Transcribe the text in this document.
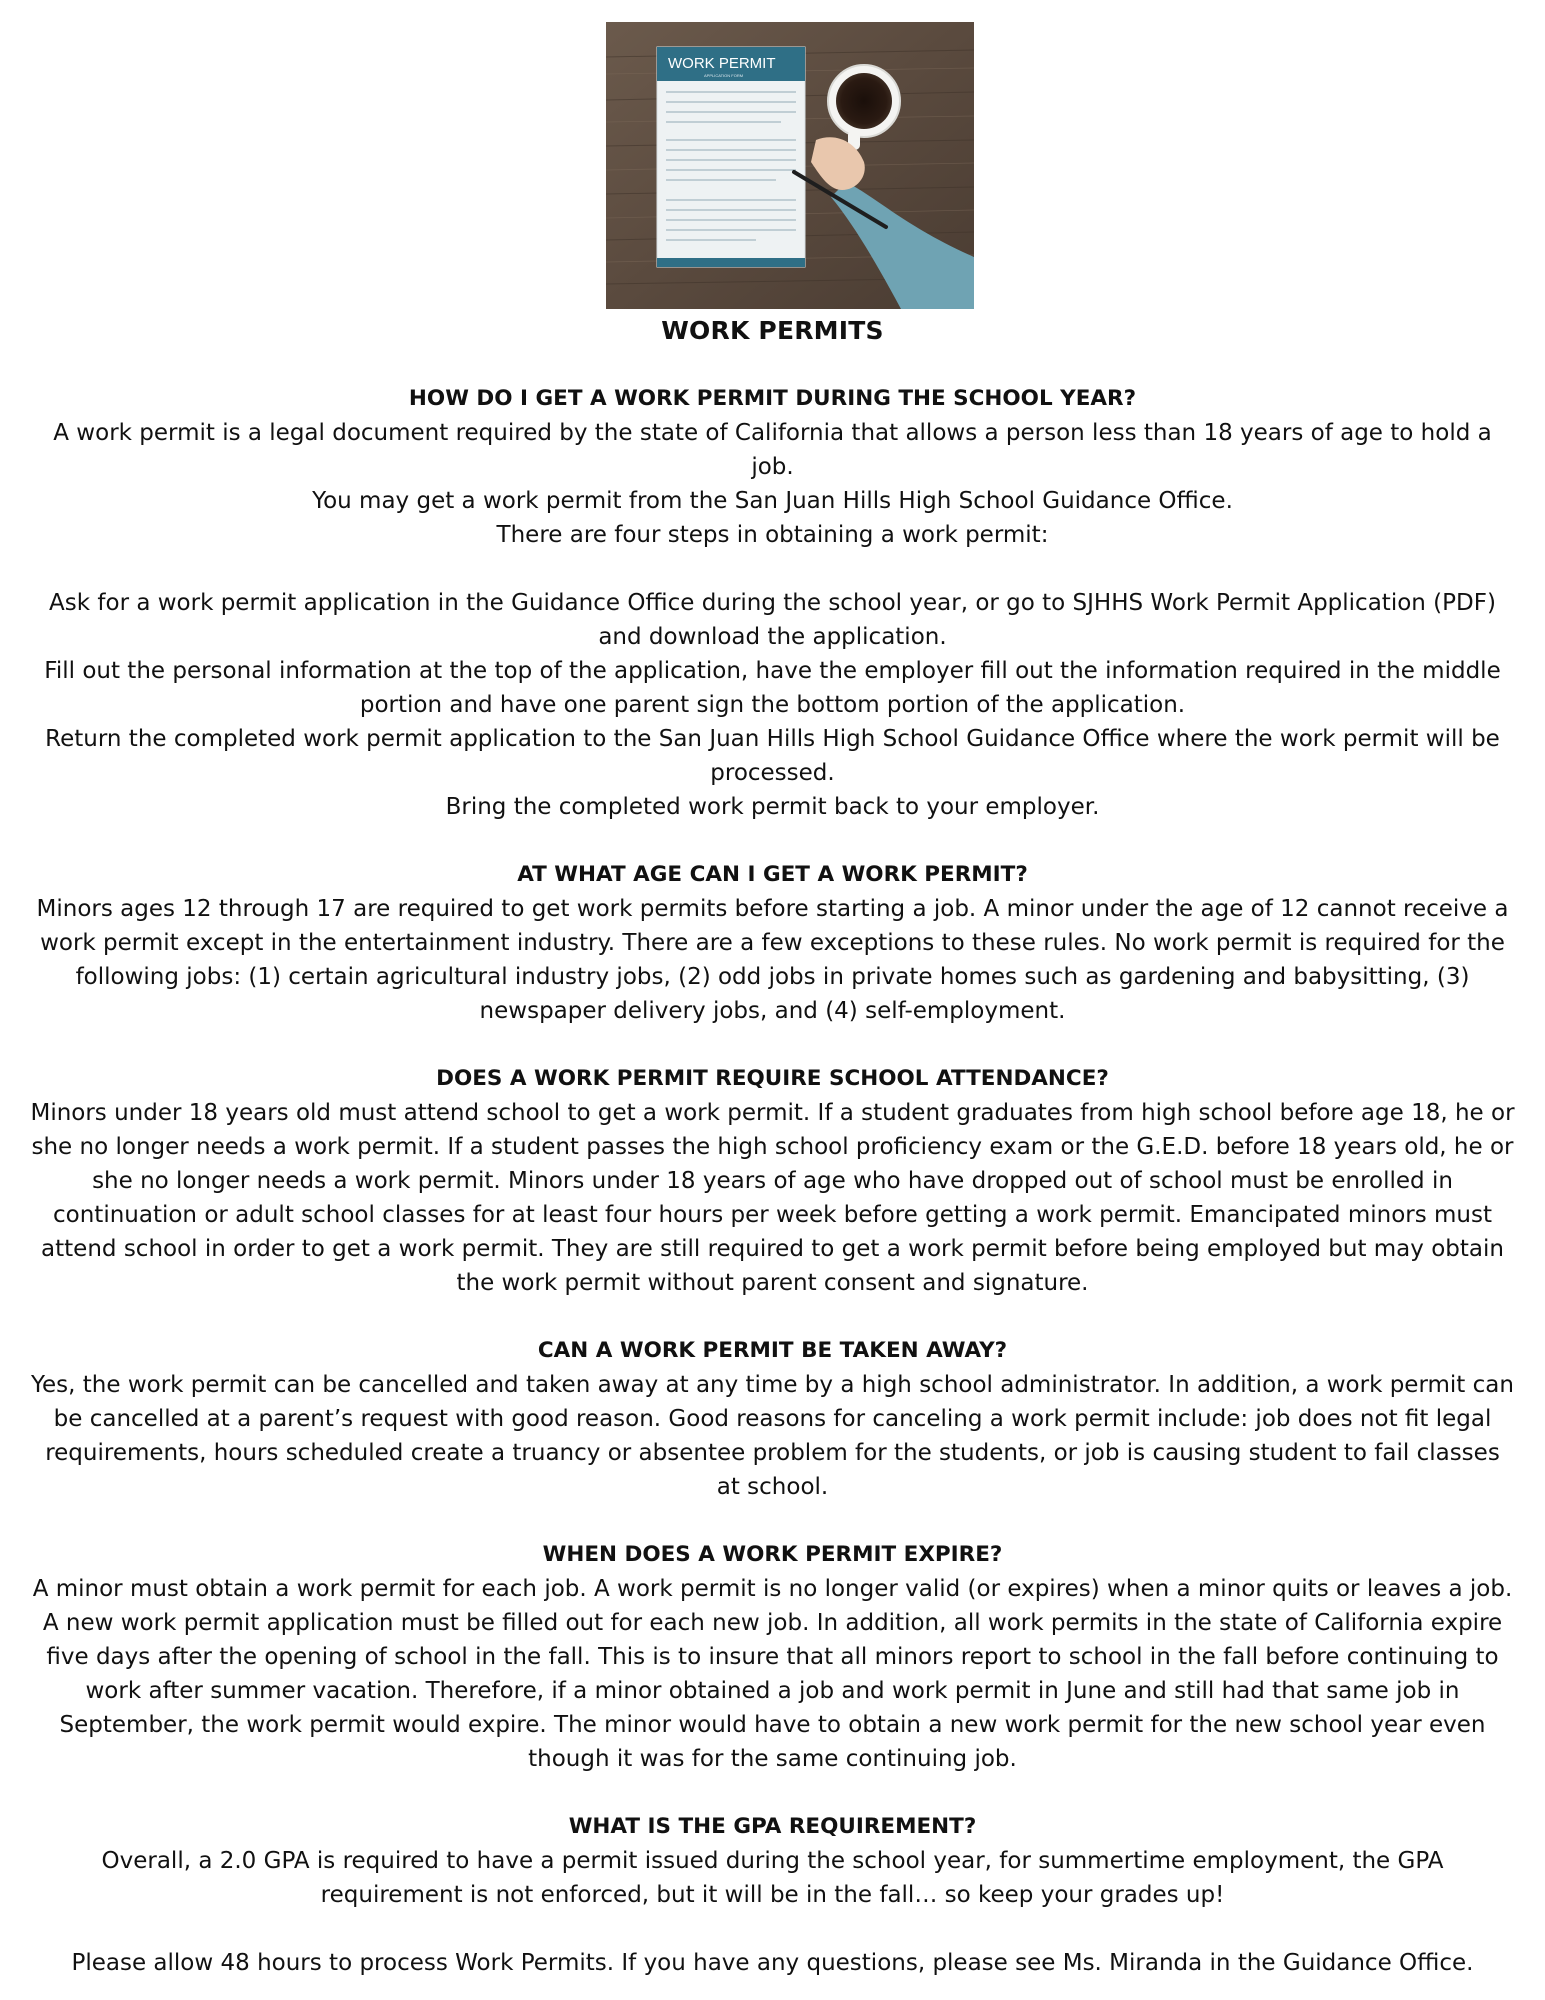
WORK PERMIT
APPLICATION FORM
WORK PERMITS
HOW DO I GET A WORK PERMIT DURING THE SCHOOL YEAR?

A work permit is a legal document required by the state of California that allows a person less than 18 years of age to hold a job.

You may get a work permit from the San Juan Hills High School Guidance Office.

There are four steps in obtaining a work permit:

Ask for a work permit application in the Guidance Office during the school year, or go to SJHHS Work Permit Application (PDF) and download the application.
Fill out the personal information at the top of the application, have the employer fill out the information required in the middle portion and have one parent sign the bottom portion of the application.
Return the completed work permit application to the San Juan Hills High School Guidance Office where the work permit will be processed.
Bring the completed work permit back to your employer.
AT WHAT AGE CAN I GET A WORK PERMIT?

Minors ages 12 through 17 are required to get work permits before starting a job. A minor under the age of 12 cannot receive a work permit except in the entertainment industry. There are a few exceptions to these rules. No work permit is required for the following jobs: (1) certain agricultural industry jobs, (2) odd jobs in private homes such as gardening and babysitting, (3) newspaper delivery jobs, and (4) self-employment.

DOES A WORK PERMIT REQUIRE SCHOOL ATTENDANCE?

Minors under 18 years old must attend school to get a work permit. If a student graduates from high school before age 18, he or she no longer needs a work permit. If a student passes the high school proficiency exam or the G.E.D. before 18 years old, he or she no longer needs a work permit. Minors under 18 years of age who have dropped out of school must be enrolled in continuation or adult school classes for at least four hours per week before getting a work permit. Emancipated minors must attend school in order to get a work permit. They are still required to get a work permit before being employed but may obtain the work permit without parent consent and signature.

CAN A WORK PERMIT BE TAKEN AWAY?

Yes, the work permit can be cancelled and taken away at any time by a high school administrator. In addition, a work permit can be cancelled at a parent’s request with good reason. Good reasons for canceling a work permit include: job does not fit legal requirements, hours scheduled create a truancy or absentee problem for the students, or job is causing student to fail classes at school.

WHEN DOES A WORK PERMIT EXPIRE?

A minor must obtain a work permit for each job. A work permit is no longer valid (or expires) when a minor quits or leaves a job. A new work permit application must be filled out for each new job. In addition, all work permits in the state of California expire five days after the opening of school in the fall. This is to insure that all minors report to school in the fall before continuing to work after summer vacation. Therefore, if a minor obtained a job and work permit in June and still had that same job in September, the work permit would expire. The minor would have to obtain a new work permit for the new school year even though it was for the same continuing job.

WHAT IS THE GPA REQUIREMENT?

Overall, a 2.0 GPA is required to have a permit issued during the school year, for summertime employment, the GPA requirement is not enforced, but it will be in the fall… so keep your grades up!

Please allow 48 hours to process Work Permits. If you have any questions, please see Ms. Miranda in the Guidance Office.
